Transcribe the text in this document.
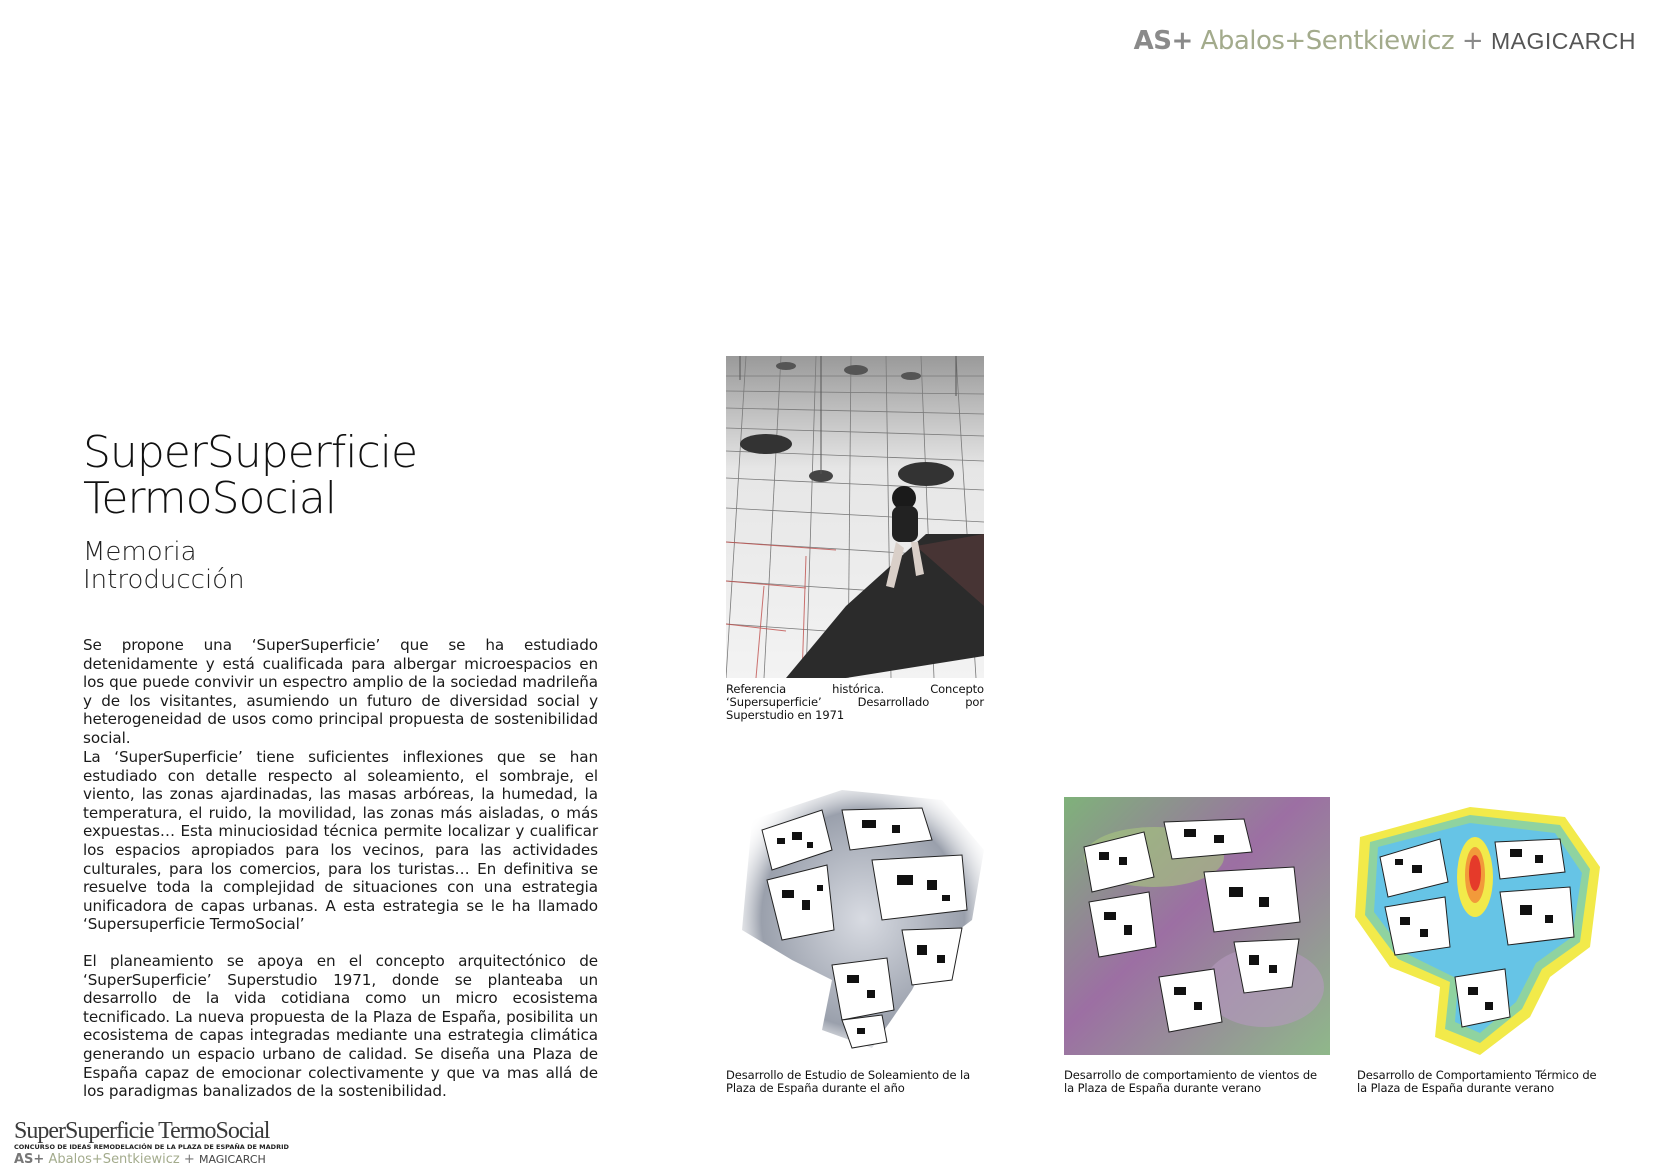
AS+ Abalos+Sentkiewicz + MAGICARCH
SuperSuperficie
TermoSocial
Memoria
Introducción
Se propone una ‘SuperSuperficie’ que se ha estudiado detenidamente y está cualificada para albergar microespacios en los que puede convivir un espectro amplio de la sociedad madrileña y de los visitantes, asumiendo un futuro de diversidad social y heterogeneidad de usos como principal propuesta de sostenibilidad social.
La ‘SuperSuperficie’ tiene suficientes inflexiones que se han estudiado con detalle respecto al soleamiento, el sombraje, el viento, las zonas ajardinadas, las masas arbóreas, la humedad, la temperatura, el ruido, la movilidad, las zonas más aisladas, o más expuestas… Esta minuciosidad técnica permite localizar y cualificar los espacios apropiados para los vecinos, para las actividades culturales, para los comercios, para los turistas… En definitiva se resuelve toda la complejidad de situaciones con una estrategia unificadora de capas urbanas. A esta estrategia se le ha llamado ‘Supersuperficie TermoSocial’
El planeamiento se apoya en el concepto arquitectónico de ‘SuperSuperficie’ Superstudio 1971, donde se planteaba un desarrollo de la vida cotidiana como un micro ecosistema tecnificado. La nueva propuesta de la Plaza de España, posibilita un ecosistema de capas integradas mediante una estrategia climática generando un espacio urbano de calidad. Se diseña una Plaza de España capaz de emocionar colectivamente y que va mas allá de los paradigmas banalizados de la sostenibilidad.
Referencia histórica. Concepto ‘Supersuperficie’ Desarrollado por Superstudio en 1971
Desarrollo de Estudio de Soleamiento de la Plaza de España durante el año
Desarrollo de comportamiento de vientos de la Plaza de España durante verano
Desarrollo de Comportamiento Térmico de la Plaza de España durante verano
SuperSuperficie TermoSocial
CONCURSO DE IDEAS REMODELACIÓN DE LA PLAZA DE ESPAÑA DE MADRID
AS+ Abalos+Sentkiewicz + MAGICARCH
